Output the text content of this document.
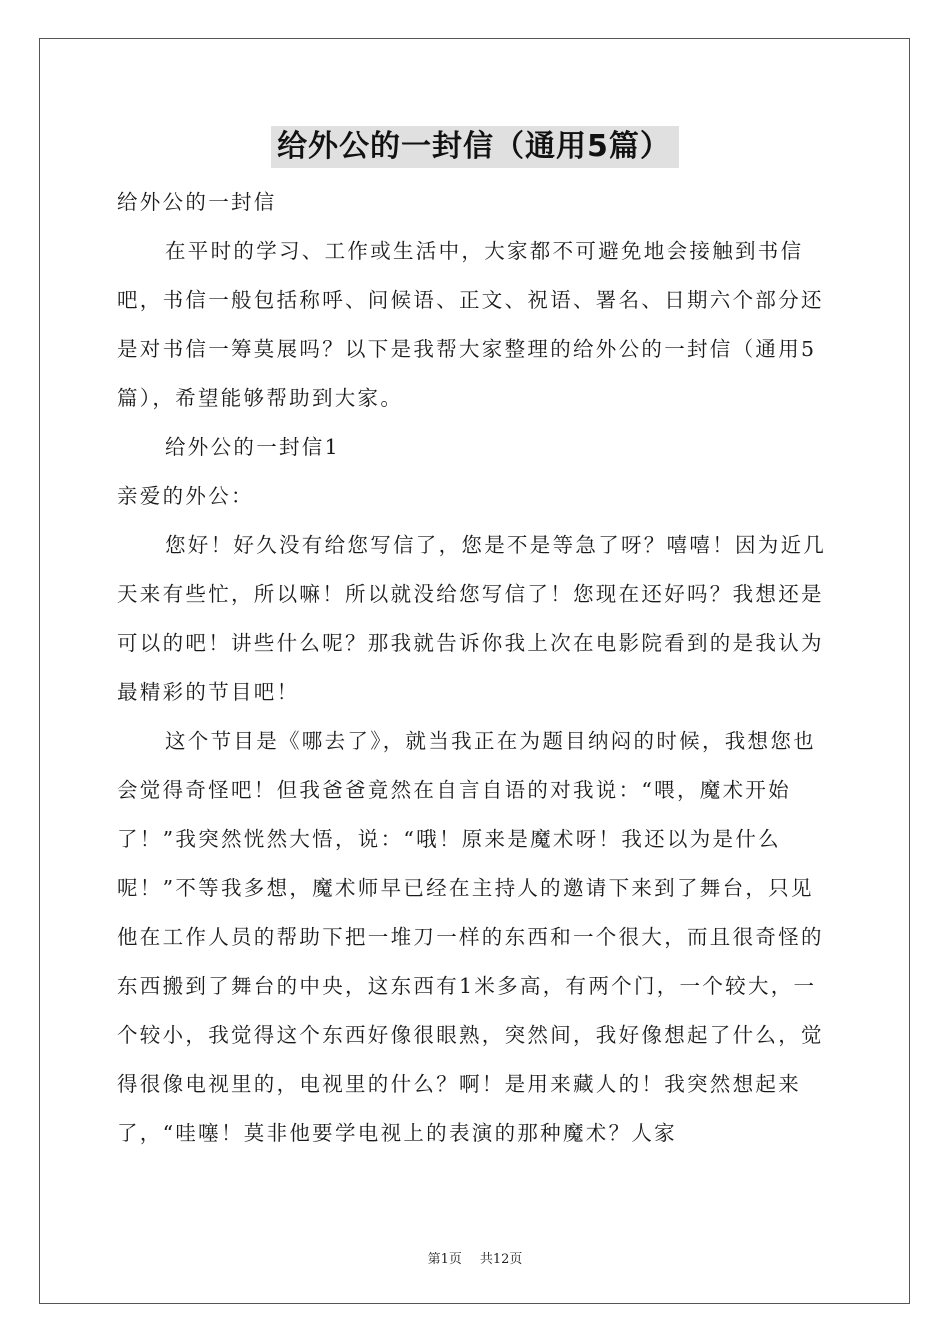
给外公的一封信（通用5篇）

给外公的一封信

在平时的学习、工作或生活中，大家都不可避免地会接触到书信吧，书信一般包括称呼、问候语、正文、祝语、署名、日期六个部分还是对书信一筹莫展吗？以下是我帮大家整理的给外公的一封信（通用5篇），希望能够帮助到大家。

给外公的一封信1

亲爱的外公：

您好！好久没有给您写信了，您是不是等急了呀？嘻嘻！因为近几天来有些忙，所以嘛！所以就没给您写信了！您现在还好吗？我想还是可以的吧！讲些什么呢？那我就告诉你我上次在电影院看到的是我认为最精彩的节目吧！

这个节目是《哪去了》，就当我正在为题目纳闷的时候，我想您也会觉得奇怪吧！但我爸爸竟然在自言自语的对我说：“喂，魔术开始了！”我突然恍然大悟，说：“哦！原来是魔术呀！我还以为是什么呢！”不等我多想，魔术师早已经在主持人的邀请下来到了舞台，只见他在工作人员的帮助下把一堆刀一样的东西和一个很大，而且很奇怪的东西搬到了舞台的中央，这东西有1米多高，有两个门，一个较大，一个较小，我觉得这个东西好像很眼熟，突然间，我好像想起了什么，觉得很像电视里的，电视里的什么？啊！是用来藏人的！我突然想起来了，“哇噻！莫非他要学电视上的表演的那种魔术？人家

第1页 共12页
